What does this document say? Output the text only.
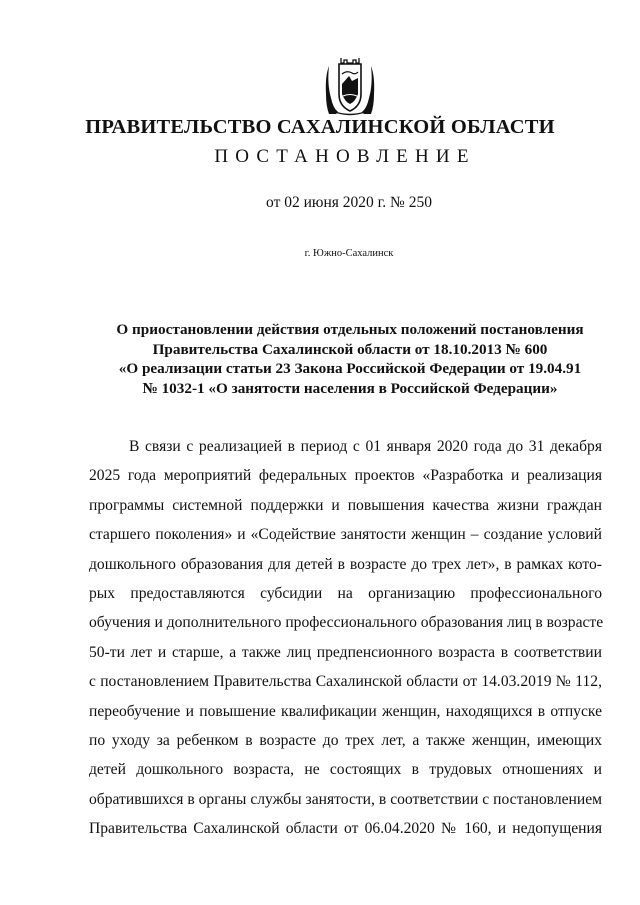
ПРАВИТЕЛЬСТВО САХАЛИНСКОЙ ОБЛАСТИ
ПОСТАНОВЛЕНИЕ
от 02 июня 2020 г. № 250
г. Южно-Сахалинск
О приостановлении действия отдельных положений постановления
Правительства Сахалинской области от 18.10.2013 № 600
«О реализации статьи 23 Закона Российской Федерации от 19.04.91
№ 1032-1 «О занятости населения в Российской Федерации»
В связи с реализацией в период с 01 января 2020 года до 31 декабря
2025 года мероприятий федеральных проектов «Разработка и реализация
программы системной поддержки и повышения качества жизни граждан
старшего поколения» и «Содействие занятости женщин – создание условий
дошкольного образования для детей в возрасте до трех лет», в рамках кото-
рых предоставляются субсидии на организацию профессионального
обучения и дополнительного профессионального образования лиц в возрасте
50-ти лет и старше, а также лиц предпенсионного возраста в соответствии
с постановлением Правительства Сахалинской области от 14.03.2019 № 112,
переобучение и повышение квалификации женщин, находящихся в отпуске
по уходу за ребенком в возрасте до трех лет, а также женщин, имеющих
детей дошкольного возраста, не состоящих в трудовых отношениях и
обратившихся в органы службы занятости, в соответствии с постановлением
Правительства Сахалинской области от 06.04.2020 № 160, и недопущения
